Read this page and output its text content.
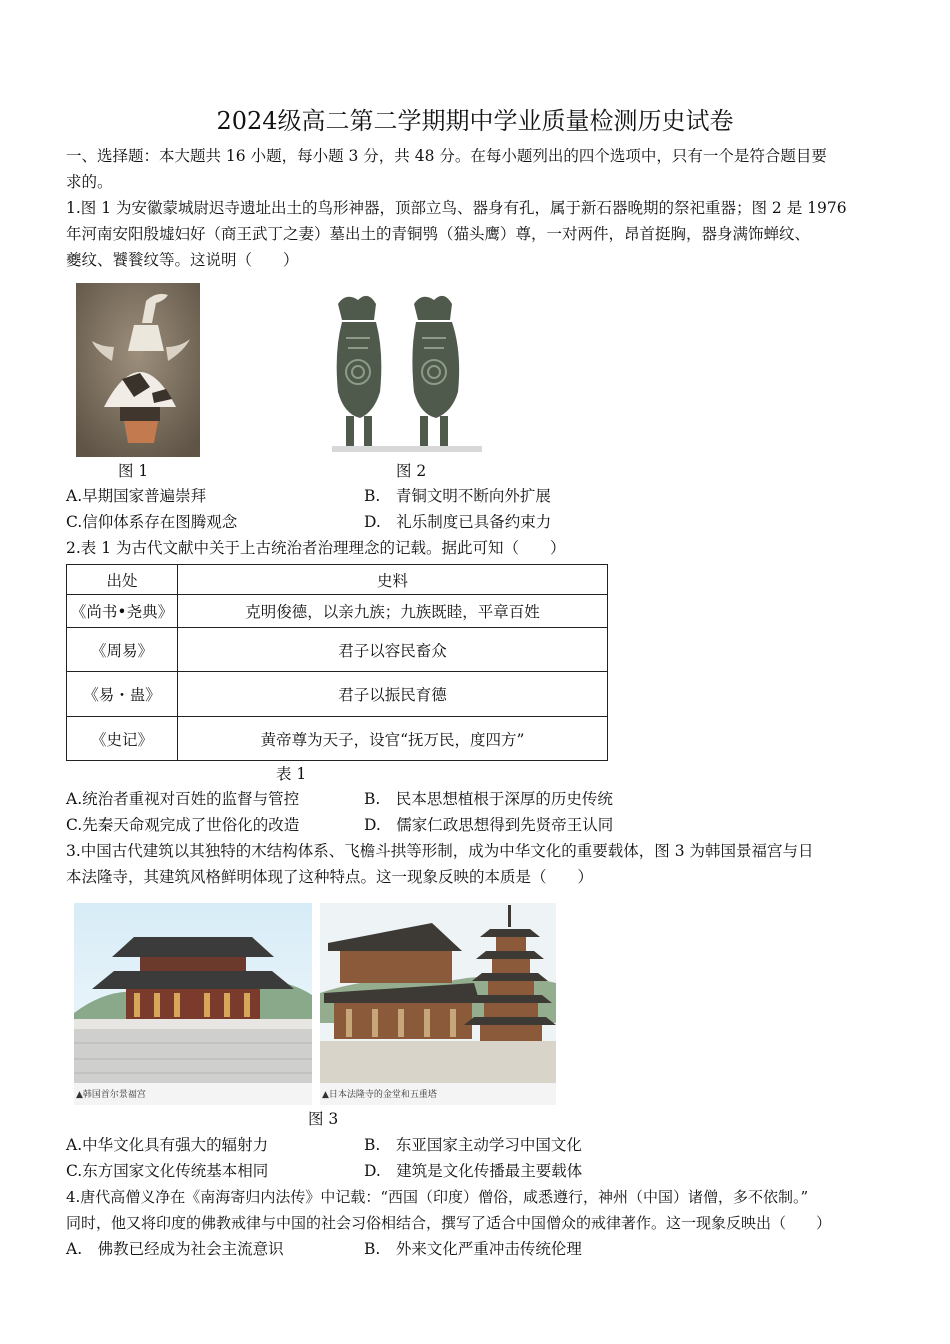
2024级高二第二学期期中学业质量检测历史试卷
一、选择题：本大题共 16 小题，每小题 3 分，共 48 分。在每小题列出的四个选项中，只有一个是符合题目要
求的。
1.图 1 为安徽蒙城尉迟寺遗址出土的鸟形神器，顶部立鸟、器身有孔，属于新石器晚期的祭祀重器；图 2 是 1976
年河南安阳殷墟妇好（商王武丁之妻）墓出土的青铜鸮（猫头鹰）尊，一对两件，昂首挺胸，器身满饰蝉纹、
夔纹、饕餮纹等。这说明（　　）
图 1	图 2
A.早期国家普遍崇拜	B.　青铜文明不断向外扩展
C.信仰体系存在图腾观念	D.　礼乐制度已具备约束力
2.表 1 为古代文献中关于上古统治者治理理念的记载。据此可知（　　）
出处	史料
《尚书•尧典》	克明俊德，以亲九族；九族既睦，平章百姓
《周易》	君子以容民畜众
《易・蛊》	君子以振民育德
《史记》	黄帝尊为天子，设官“抚万民，度四方”
表 1
A.统治者重视对百姓的监督与管控	B.　民本思想植根于深厚的历史传统
C.先秦天命观完成了世俗化的改造	D.　儒家仁政思想得到先贤帝王认同
3.中国古代建筑以其独特的木结构体系、飞檐斗拱等形制，成为中华文化的重要载体，图 3 为韩国景福宫与日
本法隆寺，其建筑风格鲜明体现了这种特点。这一现象反映的本质是（　　）
▲韩国首尔景福宫	▲日本法隆寺的金堂和五重塔
图 3
A.中华文化具有强大的辐射力	B.　东亚国家主动学习中国文化
C.东方国家文化传统基本相同	D.　建筑是文化传播最主要载体
4.唐代高僧义净在《南海寄归内法传》中记载：“西国（印度）僧俗，咸悉遵行，神州（中国）诸僧，多不依制。”
同时，他又将印度的佛教戒律与中国的社会习俗相结合，撰写了适合中国僧众的戒律著作。这一现象反映出（　　）
A.　佛教已经成为社会主流意识	B.　外来文化严重冲击传统伦理
